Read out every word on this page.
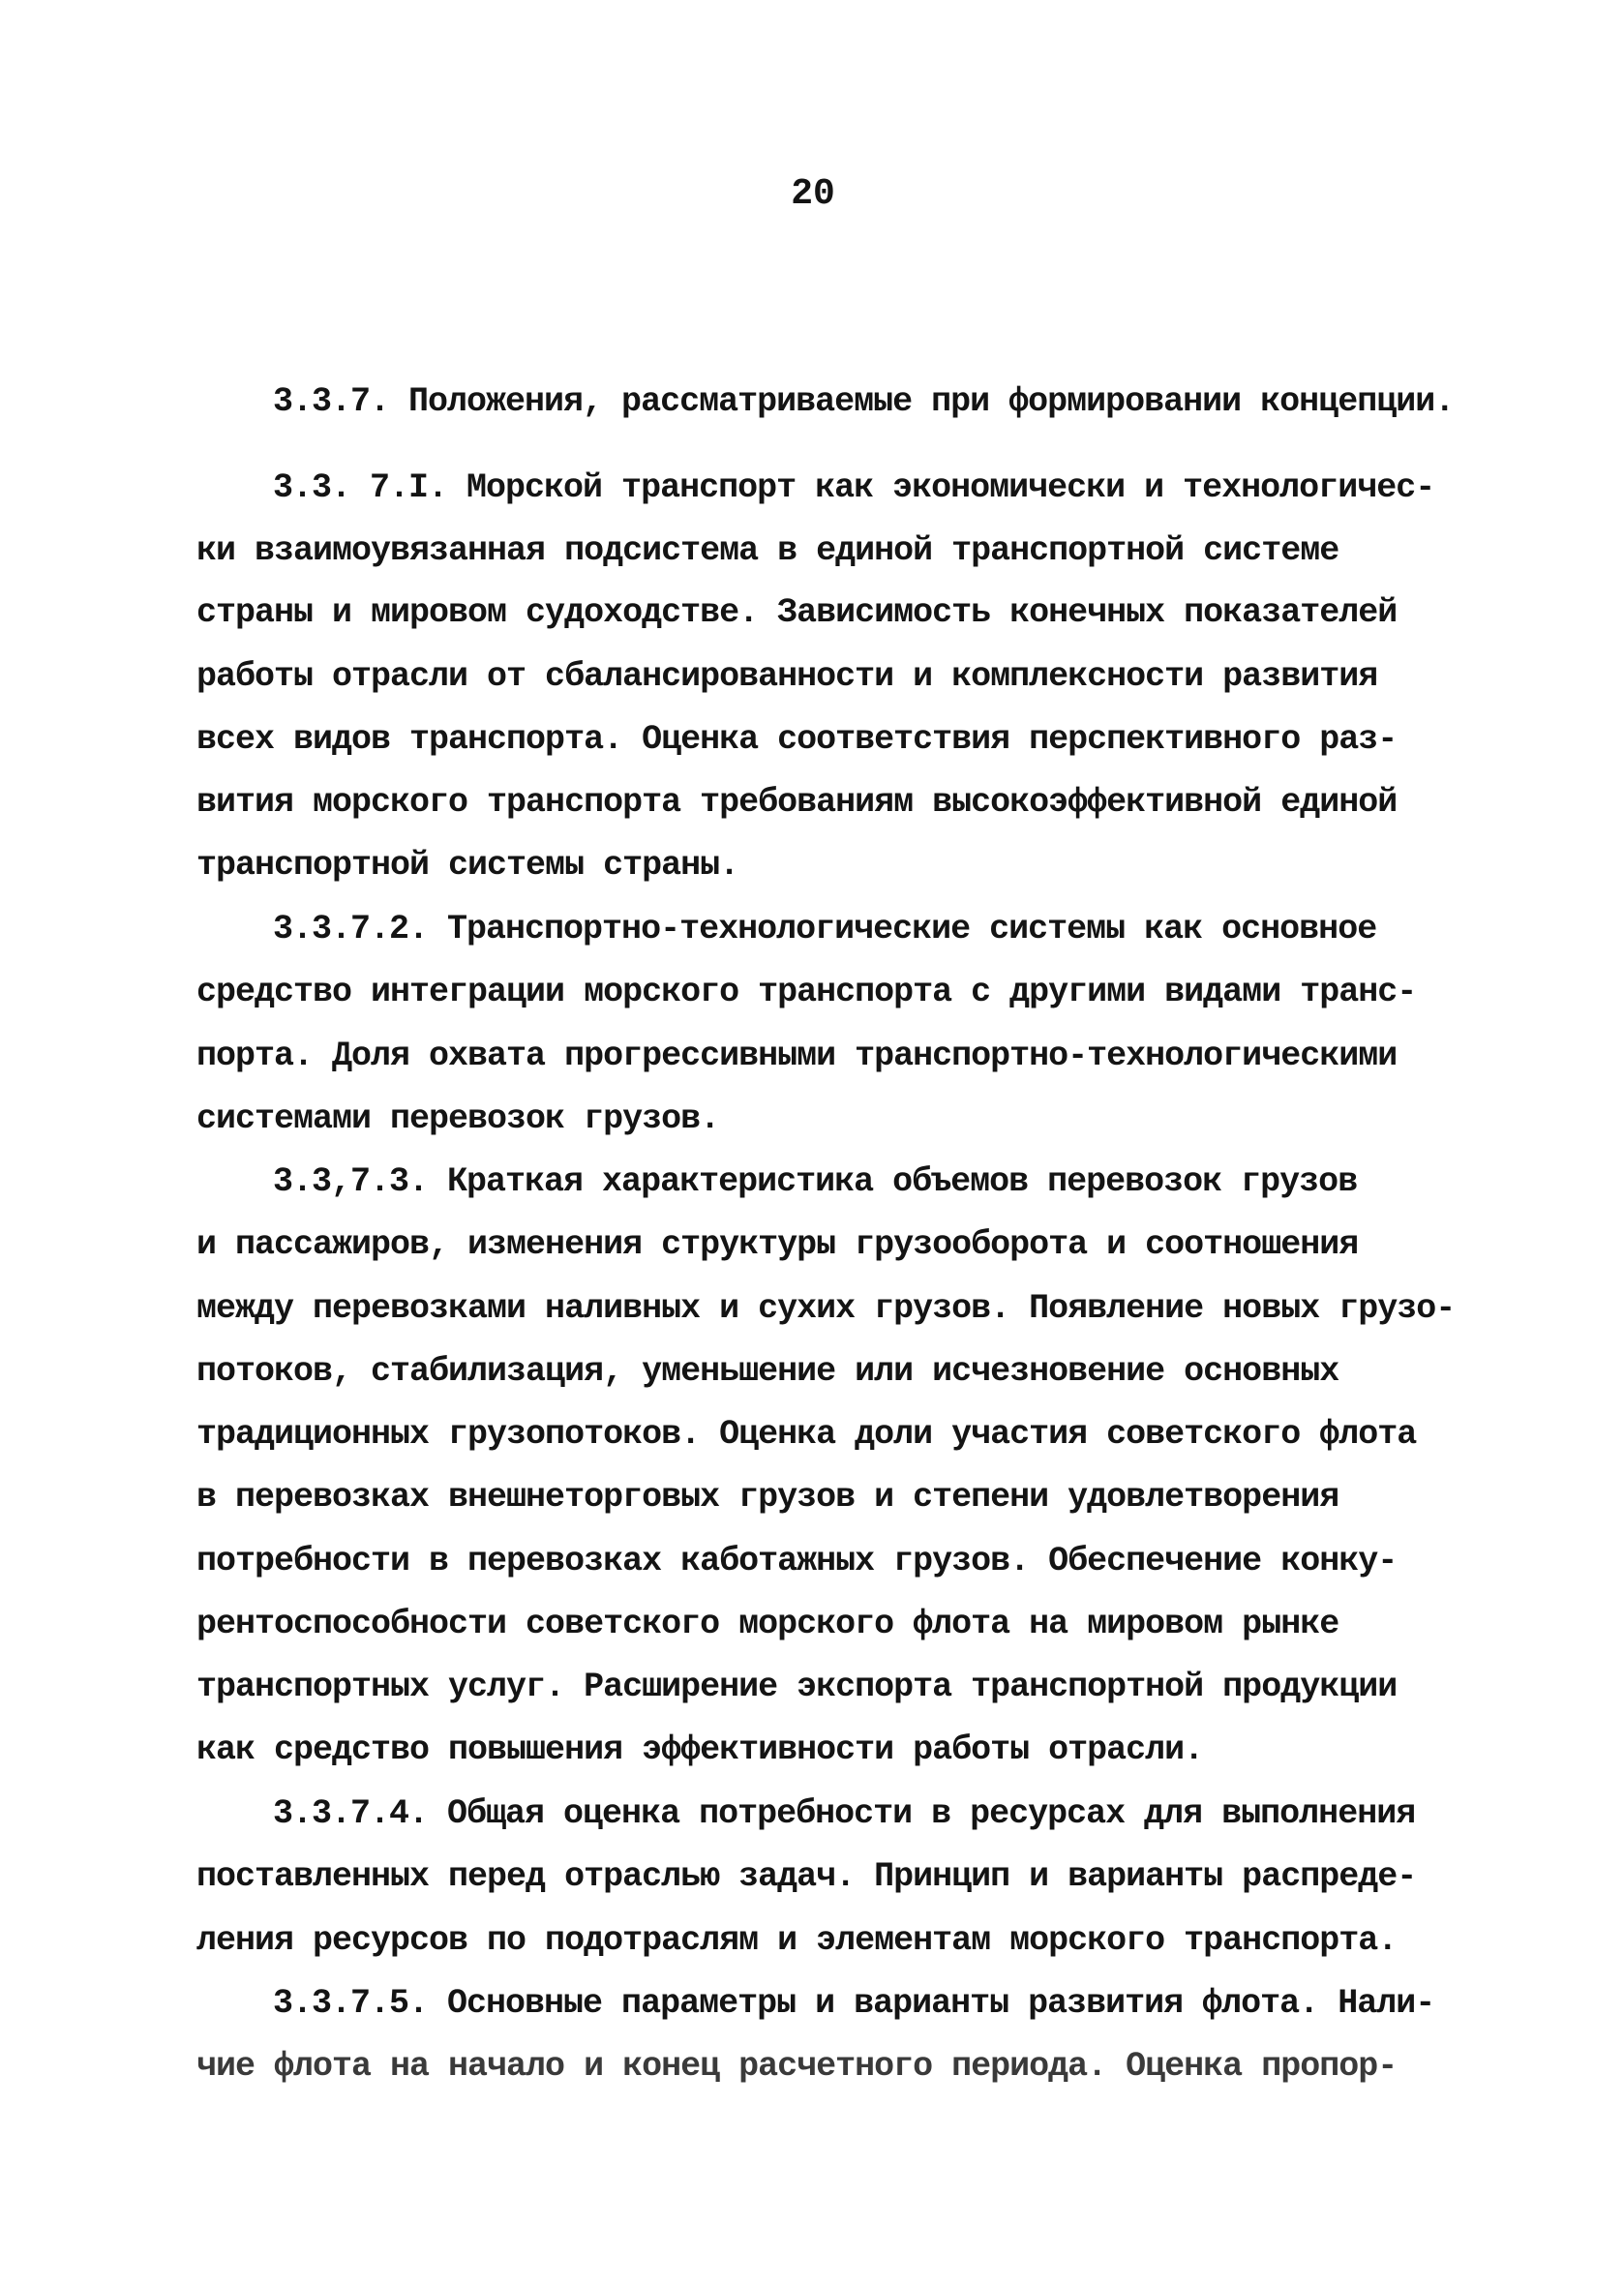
20
3.3.7. Положения, рассматриваемые при формировании концепции.
3.3. 7.I. Морской транспорт как экономически и технологичес-
ки взаимоувязанная подсистема в единой транспортной системе
страны и мировом судоходстве. Зависимость конечных показателей
работы отрасли от сбалансированности и комплексности развития
всех видов транспорта. Оценка соответствия перспективного раз-
вития морского транспорта требованиям высокоэффективной единой
транспортной системы страны.
3.3.7.2. Транспортно-технологические системы как основное
средство интеграции морского транспорта с другими видами транс-
порта. Доля охвата прогрессивными транспортно-технологическими
системами перевозок грузов.
3.3,7.3. Краткая характеристика объемов перевозок грузов
и пассажиров, изменения структуры грузооборота и соотношения
между перевозками наливных и сухих грузов. Появление новых грузо-
потоков, стабилизация, уменьшение или исчезновение основных
традиционных грузопотоков. Оценка доли участия советского флота
в перевозках внешнеторговых грузов и степени удовлетворения
потребности в перевозках каботажных грузов. Обеспечение конку-
рентоспособности советского морского флота на мировом рынке
транспортных услуг. Расширение экспорта транспортной продукции
как средство повышения эффективности работы отрасли.
3.3.7.4. Общая оценка потребности в ресурсах для выполнения
поставленных перед отраслью задач. Принцип и варианты распреде-
ления ресурсов по подотраслям и элементам морского транспорта.
3.3.7.5. Основные параметры и варианты развития флота. Нали-
чие флота на начало и конец расчетного периода. Оценка пропор-
